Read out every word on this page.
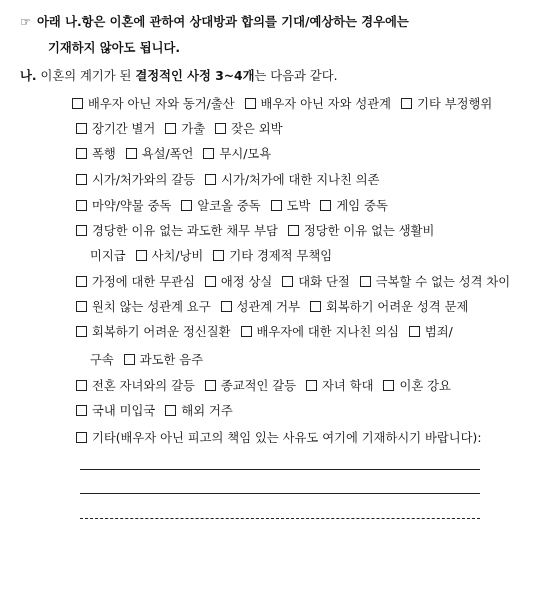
☞ 아래 나.항은 이혼에 관하여 상대방과 합의를 기대/예상하는 경우에는
기재하지 않아도 됩니다.
나. 이혼의 계기가 된 결정적인 사정 3~4개는 다음과 같다.
배우자 아닌 자와 동거/출산 배우자 아닌 자와 성관계 기타 부정행위
장기간 별거 가출 잦은 외박
폭행 욕설/폭언 무시/모욕
시가/처가와의 갈등 시가/처가에 대한 지나친 의존
마약/약물 중독 알코올 중독 도박 게임 중독
경당한 이유 없는 과도한 채무 부담 정당한 이유 없는 생활비
미지급 사치/낭비 기타 경제적 무책임
가정에 대한 무관심 애정 상실 대화 단절 극복할 수 없는 성격 차이
원치 않는 성관계 요구 성관계 거부 회복하기 어려운 성격 문제
회복하기 어려운 정신질환 배우자에 대한 지나친 의심 범죄/
구속 과도한 음주
전혼 자녀와의 갈등 종교적인 갈등 자녀 학대 이혼 강요
국내 미입국 해외 거주
기타(배우자 아닌 피고의 책임 있는 사유도 여기에 기재하시기 바랍니다):
